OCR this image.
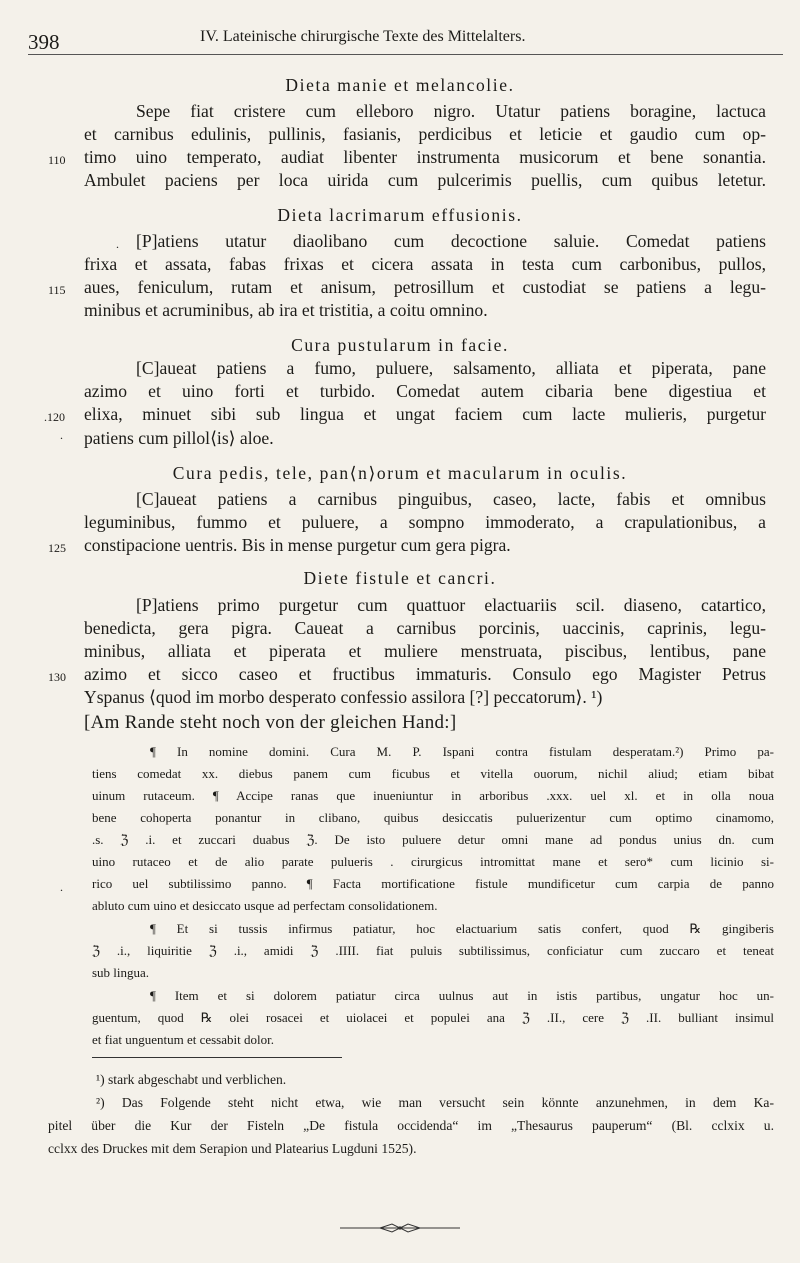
398	IV. Lateinische chirurgische Texte des Mittelalters.
Dieta manie et melancolie.
Sepe fiat cristere cum elleboro nigro. Utatur patiens boragine, lactuca
et carnibus edulinis, pullinis, fasianis, perdicibus et leticie et gaudio cum op-
timo uino temperato, audiat libenter instrumenta musicorum et bene sonantia.
Ambulet paciens per loca uirida cum pulcerimis puellis, cum quibus letetur.
Dieta lacrimarum effusionis.
[P]atiens utatur diaolibano cum decoctione saluie. Comedat patiens
frixa et assata, fabas frixas et cicera assata in testa cum carbonibus, pullos,
aues, feniculum, rutam et anisum, petrosillum et custodiat se patiens a legu-
minibus et acruminibus, ab ira et tristitia, a coitu omnino.
Cura pustularum in facie.
[C]aueat patiens a fumo, puluere, salsamento, alliata et piperata, pane
azimo et uino forti et turbido. Comedat autem cibaria bene digestiua et
elixa, minuet sibi sub lingua et ungat faciem cum lacte mulieris, purgetur
patiens cum pillol⟨is⟩ aloe.
Cura pedis, tele, pan⟨n⟩orum et macularum in oculis.
[C]aueat patiens a carnibus pinguibus, caseo, lacte, fabis et omnibus
leguminibus, fummo et puluere, a sompno immoderato, a crapulationibus, a
constipacione uentris. Bis in mense purgetur cum gera pigra.
Diete fistule et cancri.
[P]atiens primo purgetur cum quattuor elactuariis scil. diaseno, catartico,
benedicta, gera pigra. Caueat a carnibus porcinis, uaccinis, caprinis, legu-
minibus, alliata et piperata et muliere menstruata, piscibus, lentibus, pane
azimo et sicco caseo et fructibus immaturis. Consulo ego Magister Petrus
Yspanus ⟨quod im morbo desperato confessio assilora [?] peccatorum⟩. ¹)
110
115
.120
125
130
.
.
.
[Am Rande steht noch von der gleichen Hand:]
¶ In nomine domini. Cura M. P. Ispani contra fistulam desperatam.²) Primo pa-
tiens comedat xx. diebus panem cum ficubus et vitella ouorum, nichil aliud; etiam bibat
uinum rutaceum. ¶ Accipe ranas que inueniuntur in arboribus .xxx. uel xl. et in olla noua
bene cohoperta ponantur in clibano, quibus desiccatis puluerizentur cum optimo cinamomo,
.s. ℨ .i. et zuccari duabus ℨ. De isto puluere detur omni mane ad pondus unius dn. cum
uino rutaceo et de alio parate pulueris . cirurgicus intromittat mane et sero* cum licinio si-
rico uel subtilissimo panno. ¶ Facta mortificatione fistule mundificetur cum carpia de panno
abluto cum uino et desiccato usque ad perfectam consolidationem.
¶ Et si tussis infirmus patiatur, hoc elactuarium satis confert, quod ℞ gingiberis
ℨ .i., liquiritie ℨ .i., amidi ℨ .IIII. fiat puluis subtilissimus, conficiatur cum zuccaro et teneat
sub lingua.
¶ Item et si dolorem patiatur circa uulnus aut in istis partibus, ungatur hoc un-
guentum, quod ℞ olei rosacei et uiolacei et populei ana ℨ .II., cere ℨ .II. bulliant insimul
et fiat unguentum et cessabit dolor.
¹) stark abgeschabt und verblichen.
²) Das Folgende steht nicht etwa, wie man versucht sein könnte anzunehmen, in dem Ka-
pitel über die Kur der Fisteln „De fistula occidenda“ im „Thesaurus pauperum“ (Bl. cclxix u.
cclxx des Druckes mit dem Serapion und Platearius Lugduni 1525).
